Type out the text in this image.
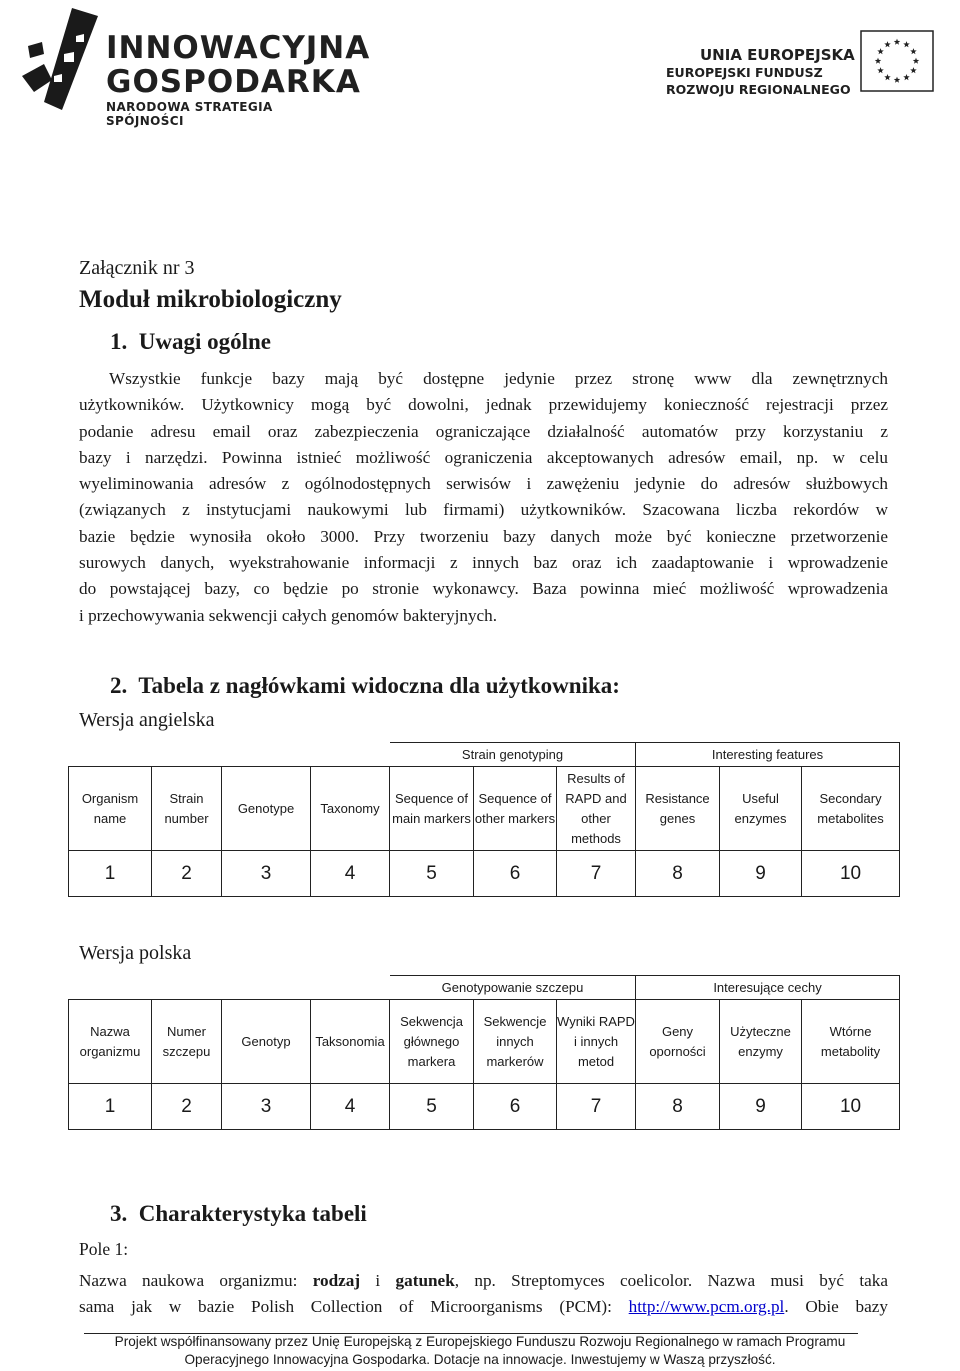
INNOWACYJNA
GOSPODARKA
NARODOWA STRATEGIA SPÓJNOŚCI
UNIA EUROPEJSKA
EUROPEJSKI FUNDUSZ
ROZWOJU REGIONALNEGO
Załącznik nr 3
Moduł mikrobiologiczny
1.  Uwagi ogólne
Wszystkie funkcje bazy mają być dostępne jedynie przez stronę www dla zewnętrznych
użytkowników. Użytkownicy mogą być dowolni, jednak przewidujemy konieczność rejestracji przez
podanie adresu email oraz zabezpieczenia ograniczające działalność automatów przy korzystaniu z
bazy i narzędzi. Powinna istnieć możliwość ograniczenia akceptowanych adresów email, np. w celu
wyeliminowania adresów z ogólnodostępnych serwisów i zawężeniu jedynie do adresów służbowych
(związanych z instytucjami naukowymi lub firmami) użytkowników. Szacowana liczba rekordów w
bazie będzie wynosiła około 3000. Przy tworzeniu bazy danych może być konieczne przetworzenie
surowych danych, wyekstrahowanie informacji z innych baz oraz ich zaadaptowanie i wprowadzenie
do powstającej bazy, co będzie po stronie wykonawcy. Baza powinna mieć możliwość wprowadzenia
i przechowywania sekwencji całych genomów bakteryjnych.
2.  Tabela z nagłówkami widoczna dla użytkownika:
Wersja angielska
				Strain genotyping			Interesting features		
Organism name	Strain number	Genotype	Taxonomy	Sequence of main markers	Sequence of other markers	Results of RAPD and other methods	Resistance genes	Useful enzymes	Secondary metabolites
1	2	3	4	5	6	7	8	9	10
Wersja polska
				Genotypowanie szczepu			Interesujące cechy		
Nazwa organizmu	Numer szczepu	Genotyp	Taksonomia	Sekwencja głównego markera	Sekwencje innych markerów	Wyniki RAPD i innych metod	Geny oporności	Użyteczne enzymy	Wtórne metabolity
1	2	3	4	5	6	7	8	9	10
3.  Charakterystyka tabeli
Pole 1:
Nazwa naukowa organizmu: rodzaj i gatunek, np. Streptomyces coelicolor. Nazwa musi być taka
sama jak w bazie Polish Collection of Microorganisms (PCM): http://www.pcm.org.pl. Obie bazy
Projekt współfinansowany przez Unię Europejską z Europejskiego Funduszu Rozwoju Regionalnego w ramach Programu
Operacyjnego Innowacyjna Gospodarka. Dotacje na innowacje. Inwestujemy w Waszą przyszłość.
